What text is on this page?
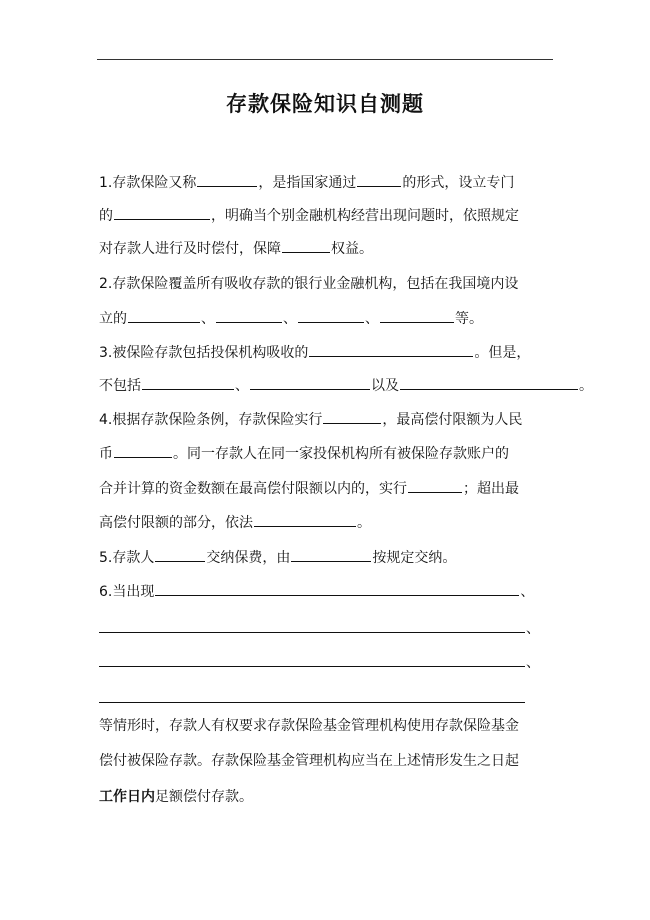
存款保险知识自测题
1.存款保险又称	，是指国家通过	的形式，设立专门
的	，明确当个别金融机构经营出现问题时，依照规定
对存款人进行及时偿付，保障	权益。
2.存款保险覆盖所有吸收存款的银行业金融机构，包括在我国境内设
立的	、	、	、	等。
3.被保险存款包括投保机构吸收的	。但是，
不包括	、	以及	。
4.根据存款保险条例，存款保险实行	，最高偿付限额为人民
币	。同一存款人在同一家投保机构所有被保险存款账户的
合并计算的资金数额在最高偿付限额以内的，实行	；超出最
高偿付限额的部分，依法	。
5.存款人	交纳保费，由	按规定交纳。
6.当出现	、
、
、
等情形时，存款人有权要求存款保险基金管理机构使用存款保险基金
偿付被保险存款。存款保险基金管理机构应当在上述情形发生之日起
工作日内足额偿付存款。
